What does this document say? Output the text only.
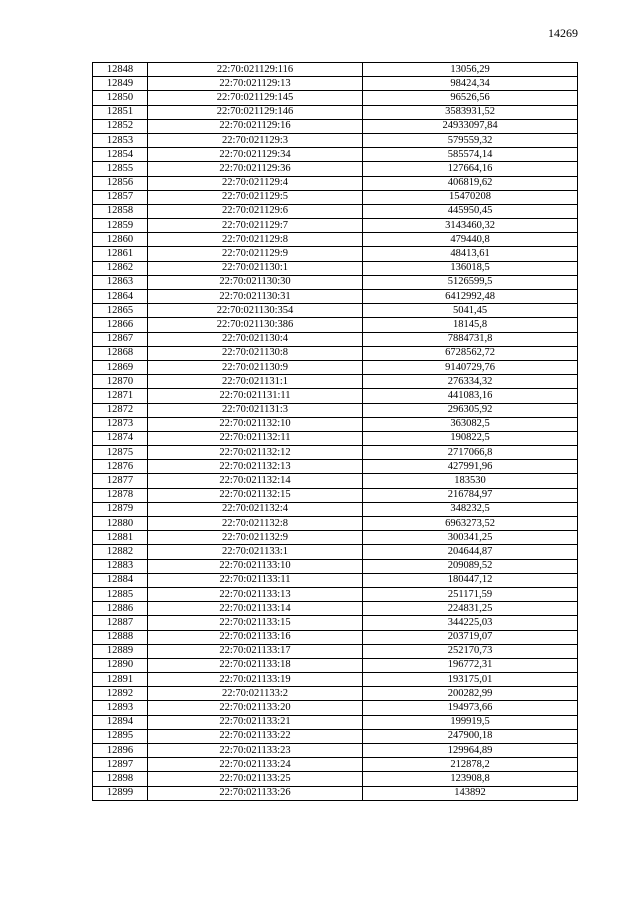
14269
12848	22:70:021129:116	13056,29
12849	22:70:021129:13	98424,34
12850	22:70:021129:145	96526,56
12851	22:70:021129:146	3583931,52
12852	22:70:021129:16	24933097,84
12853	22:70:021129:3	579559,32
12854	22:70:021129:34	585574,14
12855	22:70:021129:36	127664,16
12856	22:70:021129:4	406819,62
12857	22:70:021129:5	15470208
12858	22:70:021129:6	445950,45
12859	22:70:021129:7	3143460,32
12860	22:70:021129:8	479440,8
12861	22:70:021129:9	48413,61
12862	22:70:021130:1	136018,5
12863	22:70:021130:30	5126599,5
12864	22:70:021130:31	6412992,48
12865	22:70:021130:354	5041,45
12866	22:70:021130:386	18145,8
12867	22:70:021130:4	7884731,8
12868	22:70:021130:8	6728562,72
12869	22:70:021130:9	9140729,76
12870	22:70:021131:1	276334,32
12871	22:70:021131:11	441083,16
12872	22:70:021131:3	296305,92
12873	22:70:021132:10	363082,5
12874	22:70:021132:11	190822,5
12875	22:70:021132:12	2717066,8
12876	22:70:021132:13	427991,96
12877	22:70:021132:14	183530
12878	22:70:021132:15	216784,97
12879	22:70:021132:4	348232,5
12880	22:70:021132:8	6963273,52
12881	22:70:021132:9	300341,25
12882	22:70:021133:1	204644,87
12883	22:70:021133:10	209089,52
12884	22:70:021133:11	180447,12
12885	22:70:021133:13	251171,59
12886	22:70:021133:14	224831,25
12887	22:70:021133:15	344225,03
12888	22:70:021133:16	203719,07
12889	22:70:021133:17	252170,73
12890	22:70:021133:18	196772,31
12891	22:70:021133:19	193175,01
12892	22:70:021133:2	200282,99
12893	22:70:021133:20	194973,66
12894	22:70:021133:21	199919,5
12895	22:70:021133:22	247900,18
12896	22:70:021133:23	129964,89
12897	22:70:021133:24	212878,2
12898	22:70:021133:25	123908,8
12899	22:70:021133:26	143892
